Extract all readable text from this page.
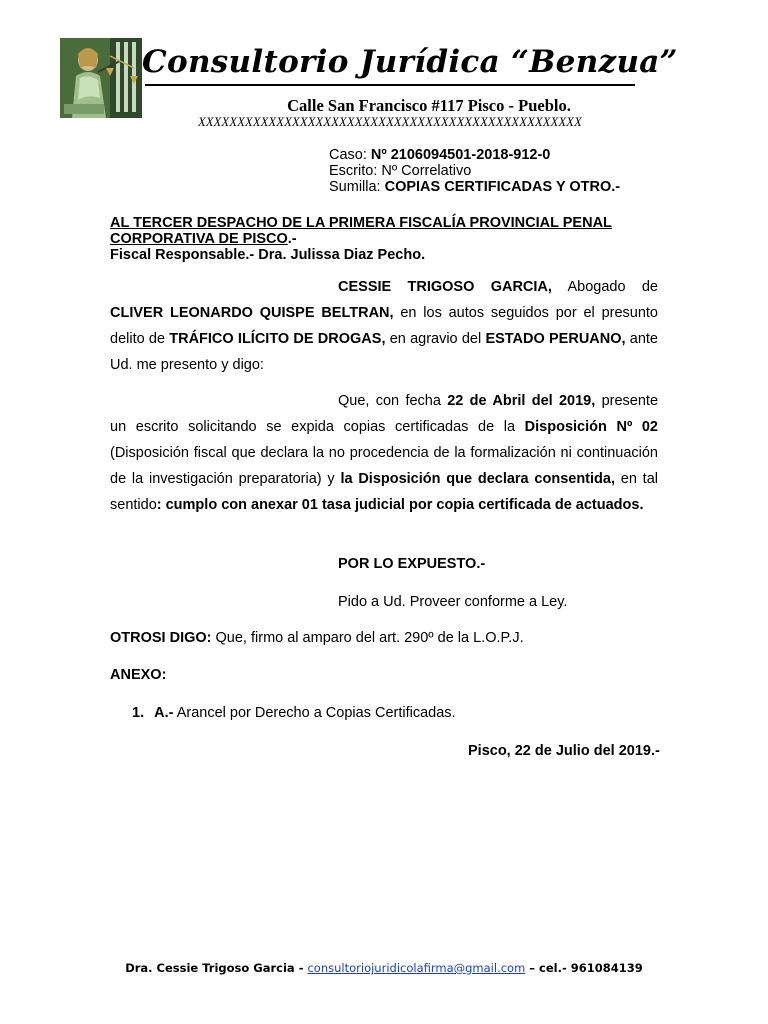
Consultorio Jurídica “Benzua”
Calle San Francisco #117 Pisco - Pueblo.
XXXXXXXXXXXXXXXXXXXXXXXXXXXXXXXXXXXXXXXXXXXXXXXXX
Caso: Nº 2106094501-2018-912-0
Escrito: Nº Correlativo
Sumilla: COPIAS CERTIFICADAS Y OTRO.-
AL TERCER DESPACHO DE LA PRIMERA FISCALÍA PROVINCIAL PENAL CORPORATIVA DE PISCO.-
Fiscal Responsable.- Dra. Julissa Diaz Pecho.
CESSIE TRIGOSO GARCIA, Abogado de CLIVER LEONARDO QUISPE BELTRAN, en los autos seguidos por el presunto delito de TRÁFICO ILÍCITO DE DROGAS, en agravio del ESTADO PERUANO, ante Ud. me presento y digo:
Que, con fecha 22 de Abril del 2019, presente un escrito solicitando se expida copias certificadas de la Disposición Nº 02 (Disposición fiscal que declara la no procedencia de la formalización ni continuación de la investigación preparatoria) y la Disposición que declara consentida, en tal sentido: cumplo con anexar 01 tasa judicial por copia certificada de actuados.
POR LO EXPUESTO.-
Pido a Ud. Proveer conforme a Ley.
OTROSI DIGO: Que, firmo al amparo del art. 290º de la L.O.P.J.
ANEXO:
1. A.- Arancel por Derecho a Copias Certificadas.
Pisco, 22 de Julio del 2019.-
Dra. Cessie Trigoso Garcia - consultoriojuridicolafirma@gmail.com – cel.- 961084139
